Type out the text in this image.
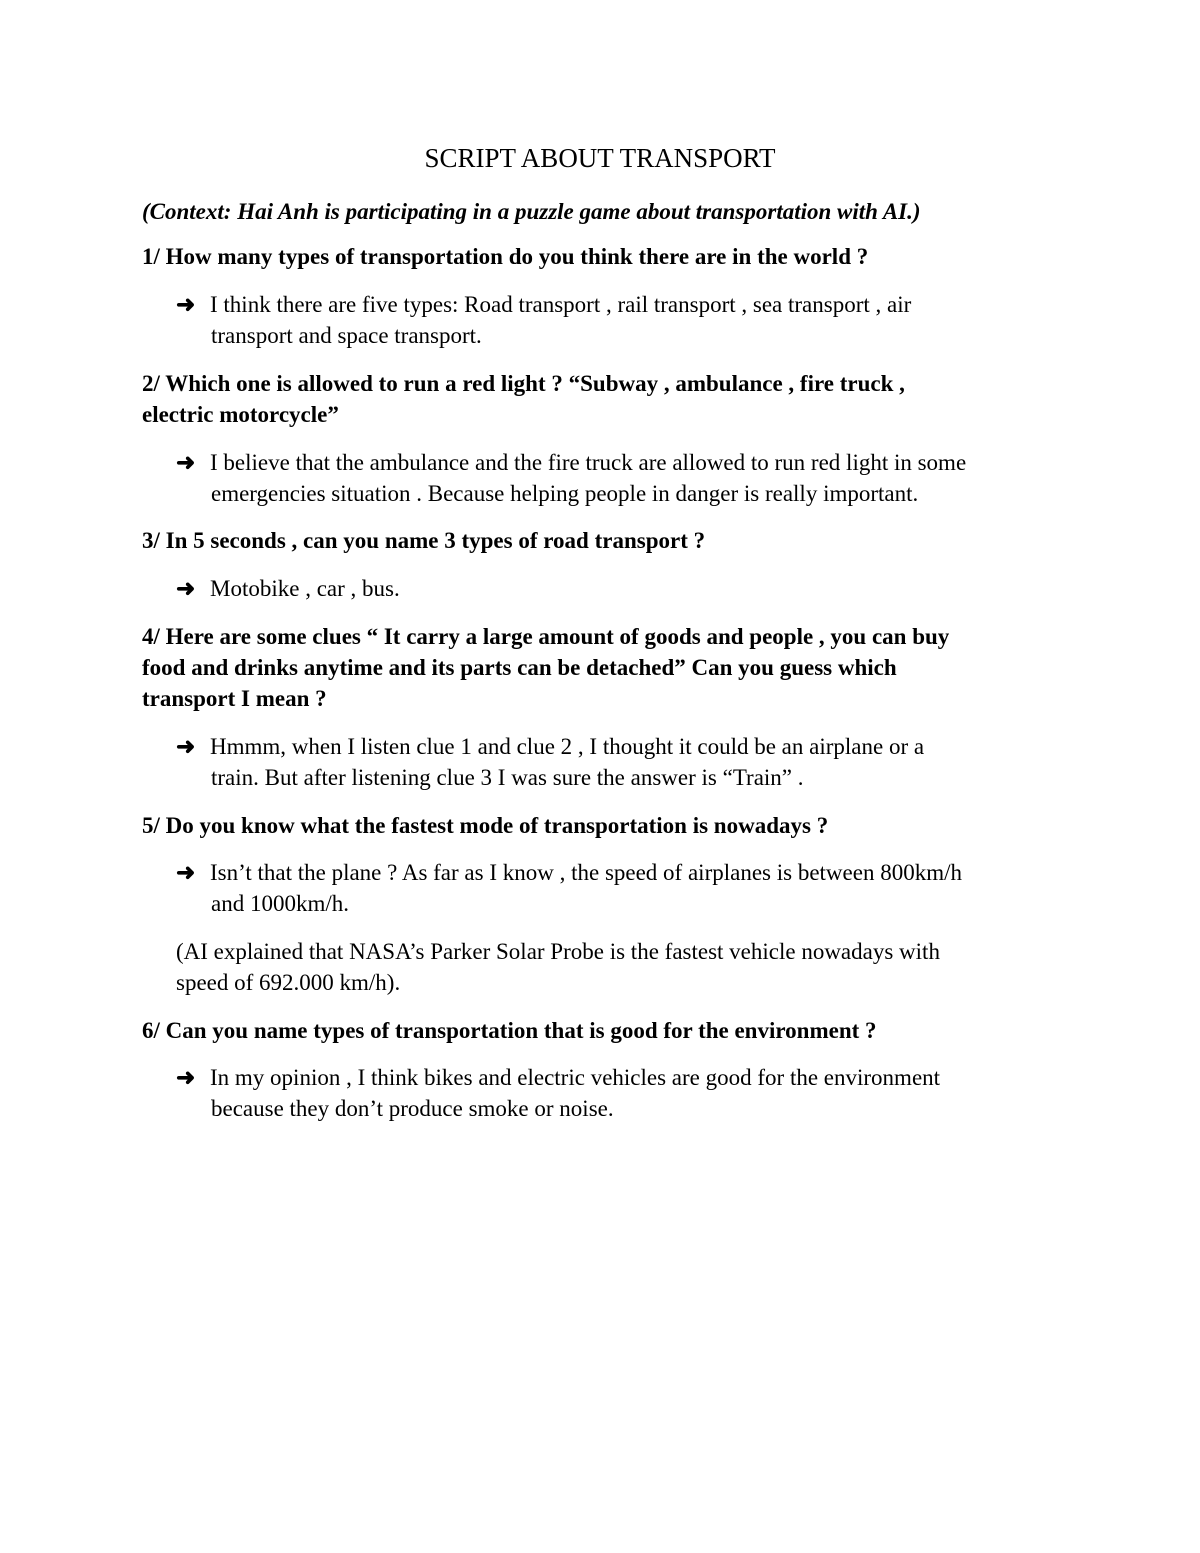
SCRIPT ABOUT TRANSPORT
(Context: Hai Anh is participating in a puzzle game about transportation with AI.)
1/ How many types of transportation do you think there are in the world ?
➜ I think there are five types: Road transport , rail transport , sea transport , air
transport and space transport.
2/ Which one is allowed to run a red light ? “Subway , ambulance , fire truck ,
electric motorcycle”
➜ I believe that the ambulance and the fire truck are allowed to run red light in some
emergencies situation . Because helping people in danger is really important.
3/ In 5 seconds , can you name 3 types of road transport ?
➜ Motobike , car , bus.
4/ Here are some clues “ It carry a large amount of goods and people , you can buy
food and drinks anytime and its parts can be detached” Can you guess which
transport I mean ?
➜ Hmmm, when I listen clue 1 and clue 2 , I thought it could be an airplane or a
train. But after listening clue 3 I was sure the answer is “Train” .
5/ Do you know what the fastest mode of transportation is nowadays ?
➜ Isn’t that the plane ? As far as I know , the speed of airplanes is between 800km/h
and 1000km/h.
(AI explained that NASA’s Parker Solar Probe is the fastest vehicle nowadays with
speed of 692.000 km/h).
6/ Can you name types of transportation that is good for the environment ?
➜ In my opinion , I think bikes and electric vehicles are good for the environment
because they don’t produce smoke or noise.
